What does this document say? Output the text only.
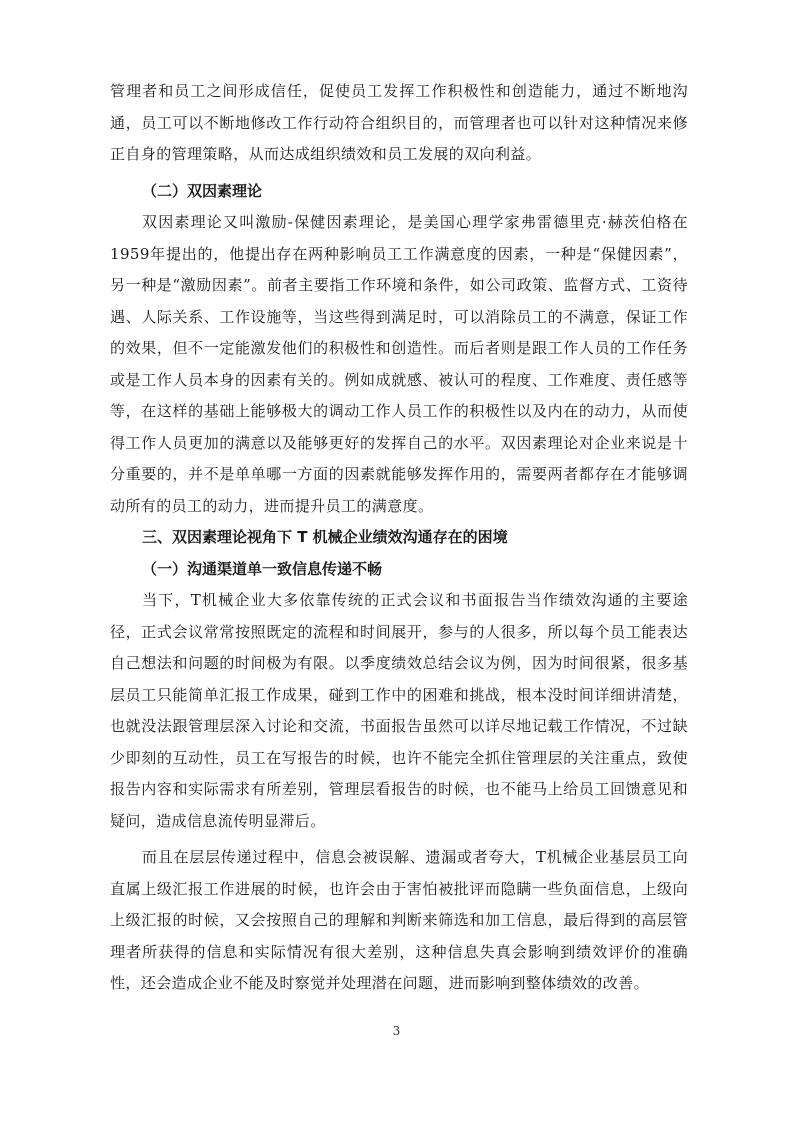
管理者和员工之间形成信任，促使员工发挥工作积极性和创造能力，通过不断地沟通，员工可以不断地修改工作行动符合组织目的，而管理者也可以针对这种情况来修正自身的管理策略，从而达成组织绩效和员工发展的双向利益。

（二）双因素理论

双因素理论又叫激励-保健因素理论，是美国心理学家弗雷德里克·赫茨伯格在1959年提出的，他提出存在两种影响员工工作满意度的因素，一种是“保健因素”，另一种是“激励因素”。前者主要指工作环境和条件，如公司政策、监督方式、工资待遇、人际关系、工作设施等，当这些得到满足时，可以消除员工的不满意，保证工作的效果，但不一定能激发他们的积极性和创造性。而后者则是跟工作人员的工作任务或是工作人员本身的因素有关的。例如成就感、被认可的程度、工作难度、责任感等等，在这样的基础上能够极大的调动工作人员工作的积极性以及内在的动力，从而使得工作人员更加的满意以及能够更好的发挥自己的水平。双因素理论对企业来说是十分重要的，并不是单单哪一方面的因素就能够发挥作用的，需要两者都存在才能够调动所有的员工的动力，进而提升员工的满意度。

三、双因素理论视角下 T 机械企业绩效沟通存在的困境

（一）沟通渠道单一致信息传递不畅

当下，T机械企业大多依靠传统的正式会议和书面报告当作绩效沟通的主要途径，正式会议常常按照既定的流程和时间展开，参与的人很多，所以每个员工能表达自己想法和问题的时间极为有限。以季度绩效总结会议为例，因为时间很紧，很多基层员工只能简单汇报工作成果，碰到工作中的困难和挑战，根本没时间详细讲清楚，也就没法跟管理层深入讨论和交流，书面报告虽然可以详尽地记载工作情况，不过缺少即刻的互动性，员工在写报告的时候，也许不能完全抓住管理层的关注重点，致使报告内容和实际需求有所差别，管理层看报告的时候，也不能马上给员工回馈意见和疑问，造成信息流传明显滞后。

而且在层层传递过程中，信息会被误解、遗漏或者夸大，T机械企业基层员工向直属上级汇报工作进展的时候，也许会由于害怕被批评而隐瞒一些负面信息，上级向上级汇报的时候，又会按照自己的理解和判断来筛选和加工信息，最后得到的高层管理者所获得的信息和实际情况有很大差别，这种信息失真会影响到绩效评价的准确性，还会造成企业不能及时察觉并处理潜在问题，进而影响到整体绩效的改善。

3
